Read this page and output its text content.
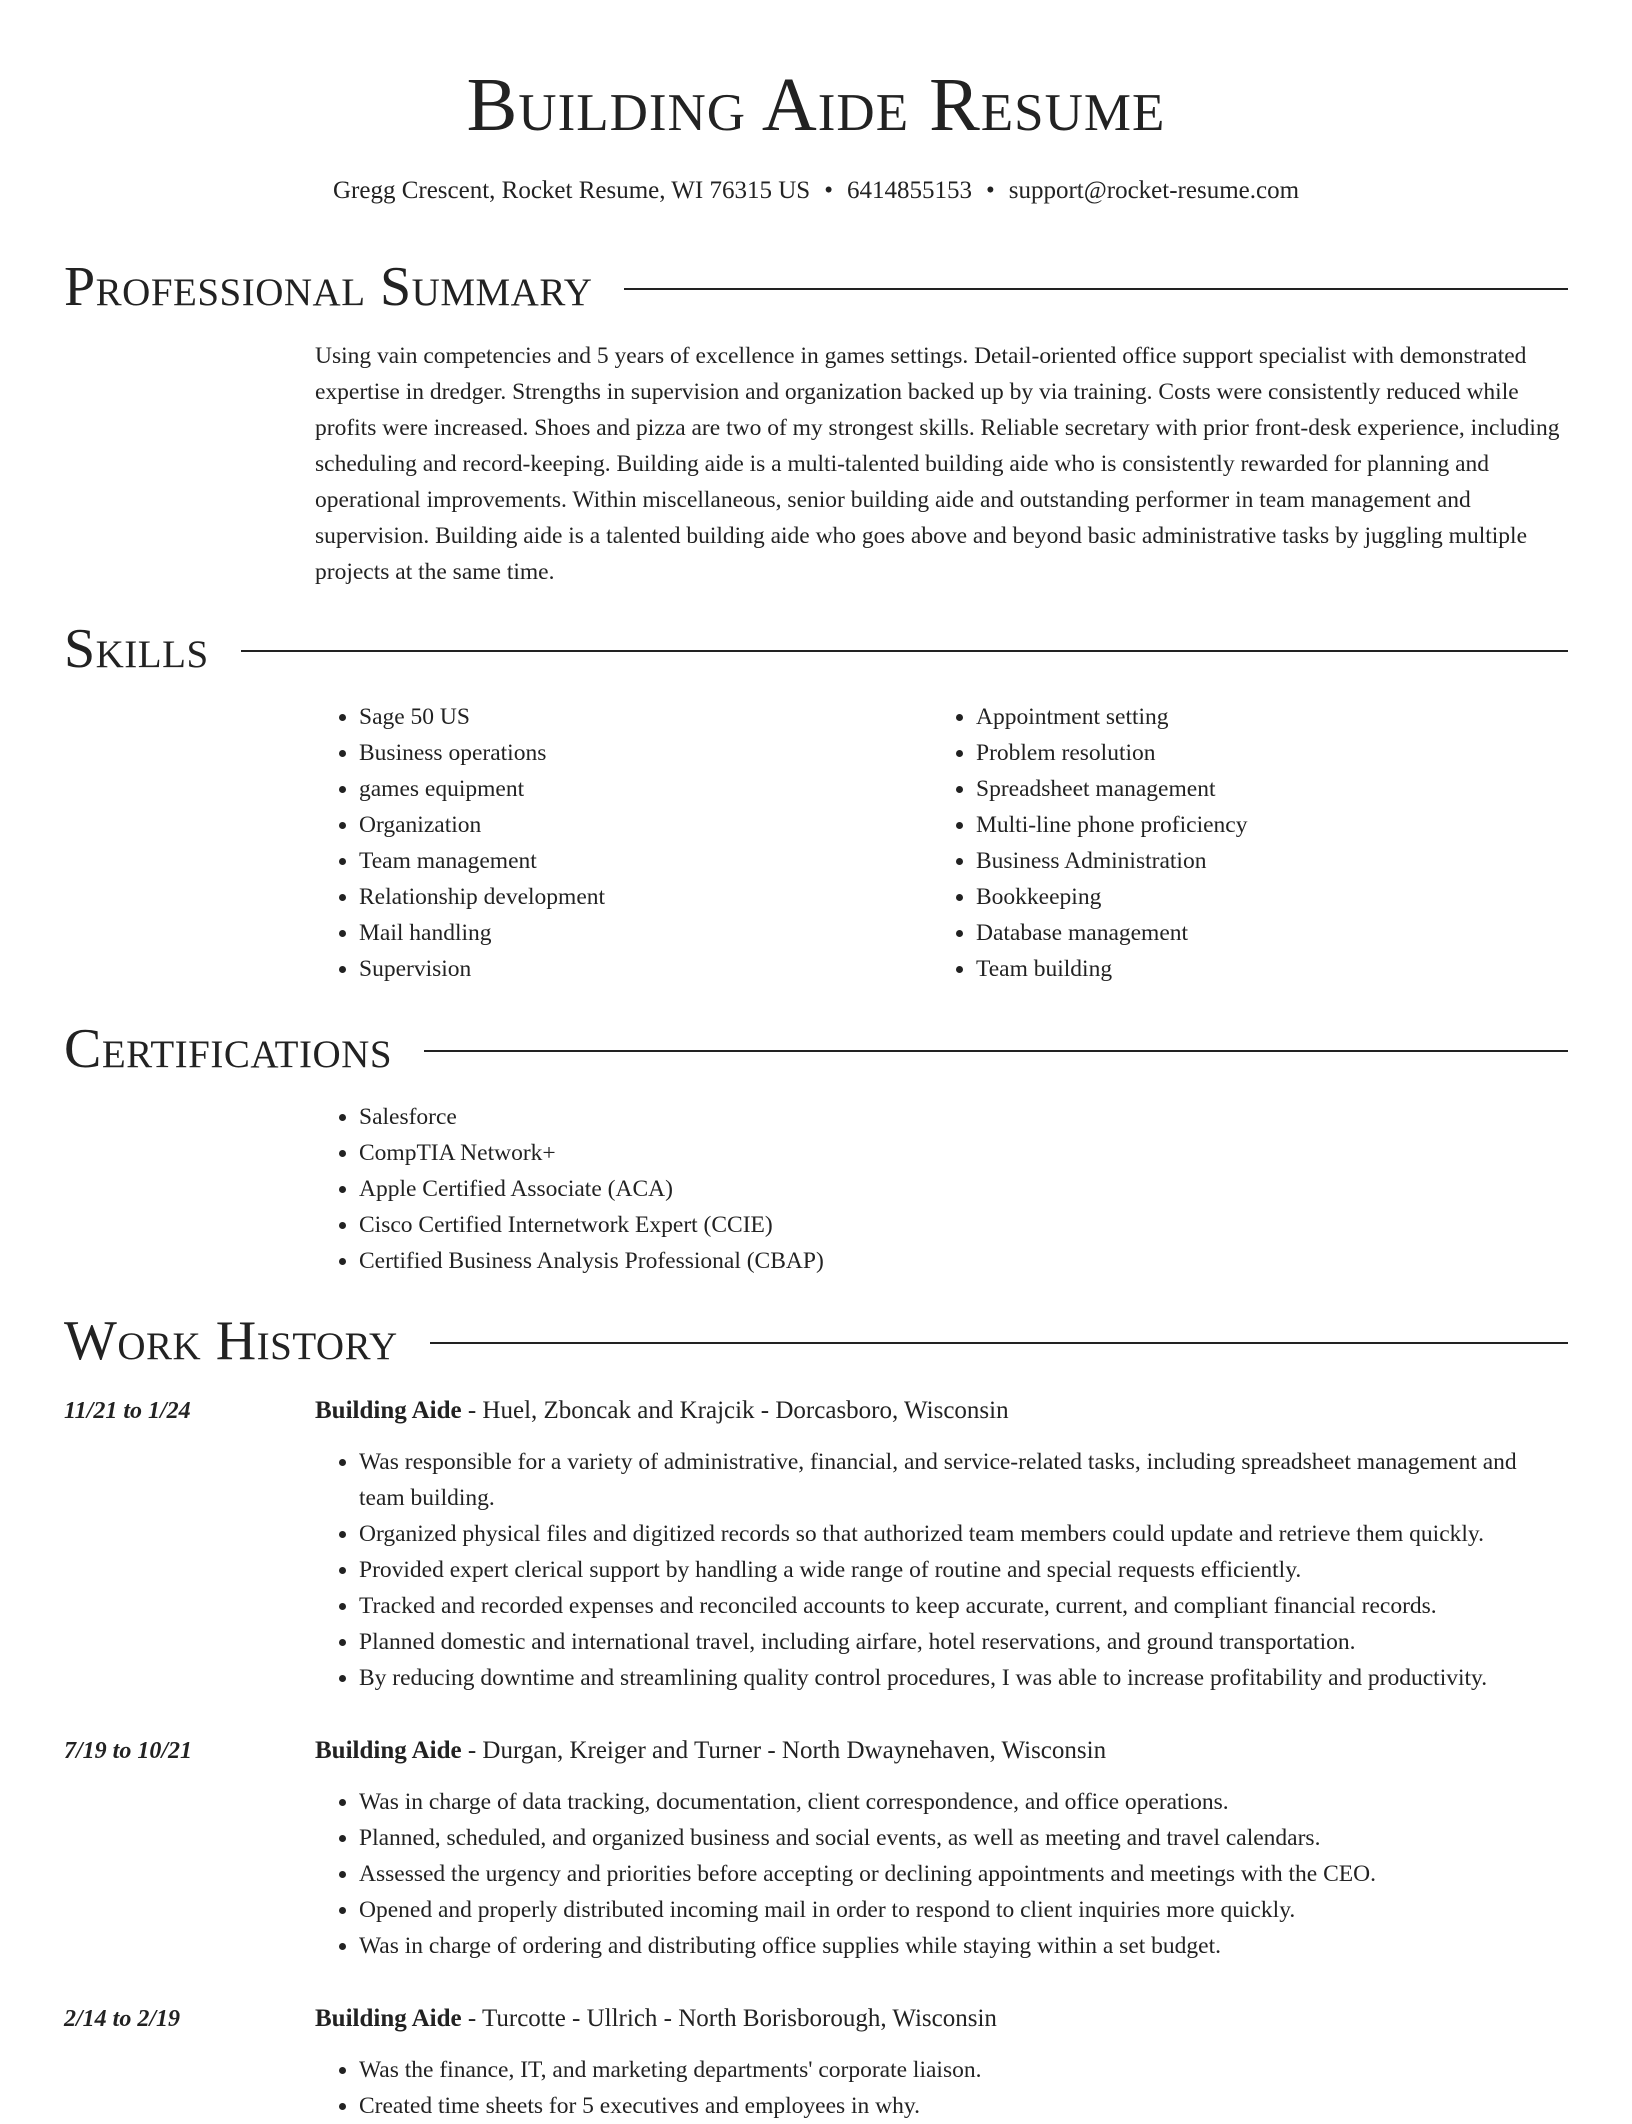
Building Aide Resume
Gregg Crescent, Rocket Resume, WI 76315 US • 6414855153 • support@rocket-resume.com
Professional Summary
Using vain competencies and 5 years of excellence in games settings. Detail-oriented office support specialist with demonstrated expertise in dredger. Strengths in supervision and organization backed up by via training. Costs were consistently reduced while profits were increased. Shoes and pizza are two of my strongest skills. Reliable secretary with prior front-desk experience, including scheduling and record-keeping. Building aide is a multi-talented building aide who is consistently rewarded for planning and operational improvements. Within miscellaneous, senior building aide and outstanding performer in team management and supervision. Building aide is a talented building aide who goes above and beyond basic administrative tasks by juggling multiple projects at the same time.
Skills
• Sage 50 US
• Business operations
• games equipment
• Organization
• Team management
• Relationship development
• Mail handling
• Supervision
• Appointment setting
• Problem resolution
• Spreadsheet management
• Multi-line phone proficiency
• Business Administration
• Bookkeeping
• Database management
• Team building
Certifications
• Salesforce
• CompTIA Network+
• Apple Certified Associate (ACA)
• Cisco Certified Internetwork Expert (CCIE)
• Certified Business Analysis Professional (CBAP)
Work History
11/21 to 1/24	Building Aide - Huel, Zboncak and Krajcik - Dorcasboro, Wisconsin
• Was responsible for a variety of administrative, financial, and service-related tasks, including spreadsheet management and team building.
• Organized physical files and digitized records so that authorized team members could update and retrieve them quickly.
• Provided expert clerical support by handling a wide range of routine and special requests efficiently.
• Tracked and recorded expenses and reconciled accounts to keep accurate, current, and compliant financial records.
• Planned domestic and international travel, including airfare, hotel reservations, and ground transportation.
• By reducing downtime and streamlining quality control procedures, I was able to increase profitability and productivity.
7/19 to 10/21	Building Aide - Durgan, Kreiger and Turner - North Dwaynehaven, Wisconsin
• Was in charge of data tracking, documentation, client correspondence, and office operations.
• Planned, scheduled, and organized business and social events, as well as meeting and travel calendars.
• Assessed the urgency and priorities before accepting or declining appointments and meetings with the CEO.
• Opened and properly distributed incoming mail in order to respond to client inquiries more quickly.
• Was in charge of ordering and distributing office supplies while staying within a set budget.
2/14 to 2/19	Building Aide - Turcotte - Ullrich - North Borisborough, Wisconsin
• Was the finance, IT, and marketing departments' corporate liaison.
• Created time sheets for 5 executives and employees in why.
